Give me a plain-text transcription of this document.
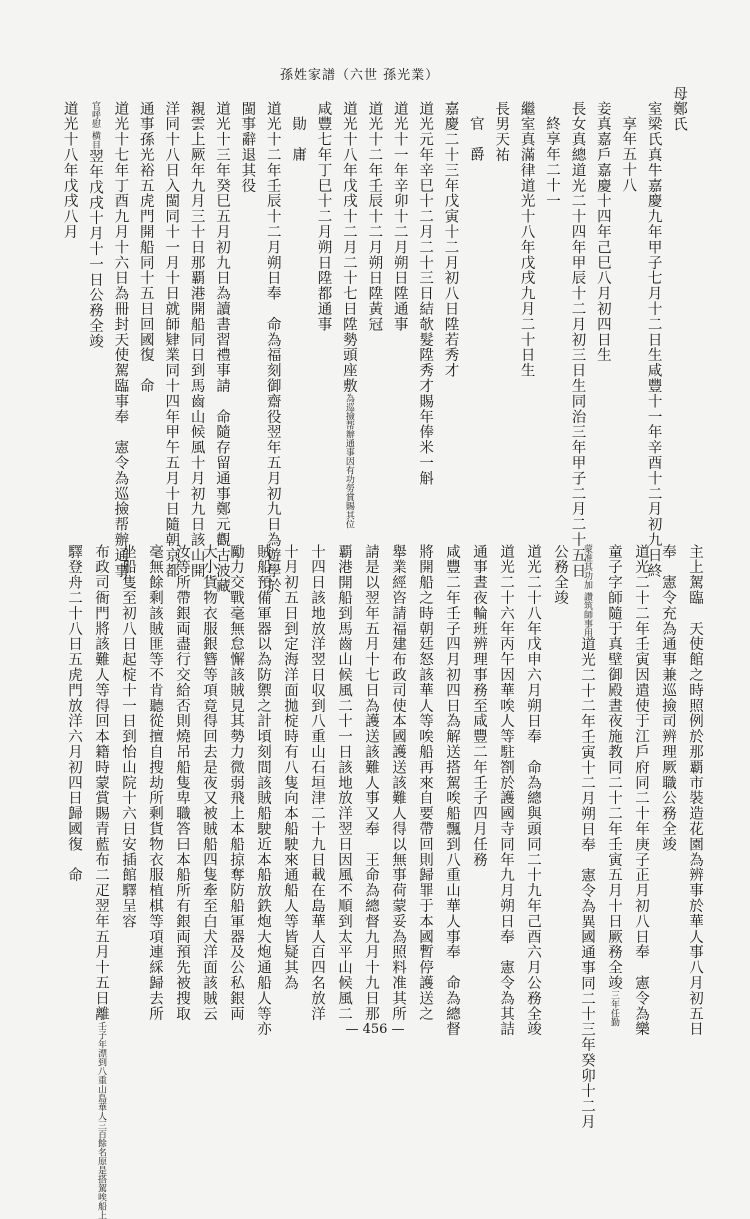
孫姓家譜（六世 孫光業）
母鄭氏
室梁氏真牛嘉慶九年甲子七月十二日生咸豐十一年辛酉十二月初九日終
享年五十八
妾真嘉戶嘉慶十四年己巳八月初四日生
長女真總道光二十四年甲辰十二月初三日生同治三年甲子二月二十五日
終享年二十一
繼室真滿律道光十八年戊戌九月二十日生
長男天祐
官　爵
嘉慶二十三年戊寅十二月初八日陞若秀才
道光元年辛巳十二月二十三日結欹髮陞秀才賜年俸米一斛
道光十一年辛卯十二月朔日陞通事
道光十二年壬辰十二月朔日陞黃冠
道光十八年戊戌十二月二十七日陞勢頭座敷為巡撿帮辦通事因有功勞賞賜其位
咸豐七年丁巳十二月朔日陞都通事
勛　庸
道光十二年壬辰十二月朔日奉　命為福刻御齋役翌年五月初九日為遊學於
閩事辭退其役
道光十三年癸巳五月初九日為讀書習禮事請　命隨存留通事鄭元觀古波藏
親雲上厥年九月三十日那覇港開船同日到馬齒山候風十月初九日該山開
洋同十八日入閩同十一月十日就師肄業同十四年甲午五月十日隨朝京都
通事孫光裕五虎門開船同十五日回國復　命
道光十七年丁酉九月十六日為冊封天使駕臨事奉　憲令為巡撿帮辦通事
官呼慰 横目翌年戊戌十月十一日公務全竣
道光十八年戊戌八月
主上駕臨　天使館之時照例於那覇市裝造花園為辨事於華人事八月初五日
奉　憲令充為通事兼巡撿司辨理厥職公務全竣
道光二十二年壬寅因遣使于江戶府同二十年庚子正月初八日奉　憲令為樂
童子字師隨于真壁御殿晝夜施教同二十二年壬寅五月十日厥務全竣三年任勤
蒙准其功加 讚筑師事用道光二十二年壬寅十二月朔日奉　憲令為異國通事同二十三年癸卯十二月
公務全竣
道光二十八年戊申六月朔日奉　命為總與頭同二十九年己酉六月公務全竣
道光二十六年丙午因華唉人等駐劄於護國寺同年九月朔日奉　憲令為其詰
通事晝夜輪班辨理事務至咸豐二年壬子四月任務
咸豐二年壬子四月初四日為解送搭駕唉船飄到八重山華人事奉　命為總督
將開船之時朝廷怒該華人等唉船再來自要帶回則歸罪于本國暫停護送之
舉業經咨請福建布政司使本國護送該難人得以無事荷蒙妥為照料准其所
請是以翌年五月十七日為護送該難人事又奉　王命為總督九月十九日那
覇港開船到馬齒山候風二十一日該地放洋翌日因風不順到太平山候風二
十四日該地放洋翌日収到八重山石垣津二十九日載在島華人百四名放洋
十月初五日到定海洋面拋椗時有八隻向本船駛來通船人等皆疑其為
賊船預備軍器以為防禦之計頃刻間該賊船駛近本船放鉄炮大炮通船人等亦
勵力交戰毫無怠懈該賊見其勢力微弱飛上本船掠奪防船軍器及公私銀両
大小貨物衣服銀簪等項竟得回去是夜又被賊船四隻牽至白犬洋面該賊云
汝等所帶銀両盡行交給否則燒吊船隻卑職答曰本船所有銀両預先被搜取
毫無餘剩該賊匪等不肯聽從擅自搜劫所剩貨物衣服植棋等項連綵歸去所
坐船隻至初八日起椗十一日到怡山院十六日安插館驛呈容
布政司衙門將該難人等得回本籍時蒙賞賜青藍布二疋翌年五月十五日離壬子年漂到八重山島華人三百餘名原是搭駕唉船上
驛登舟二十八日五虎門放洋六月初四日歸國復　命
— 456 —
